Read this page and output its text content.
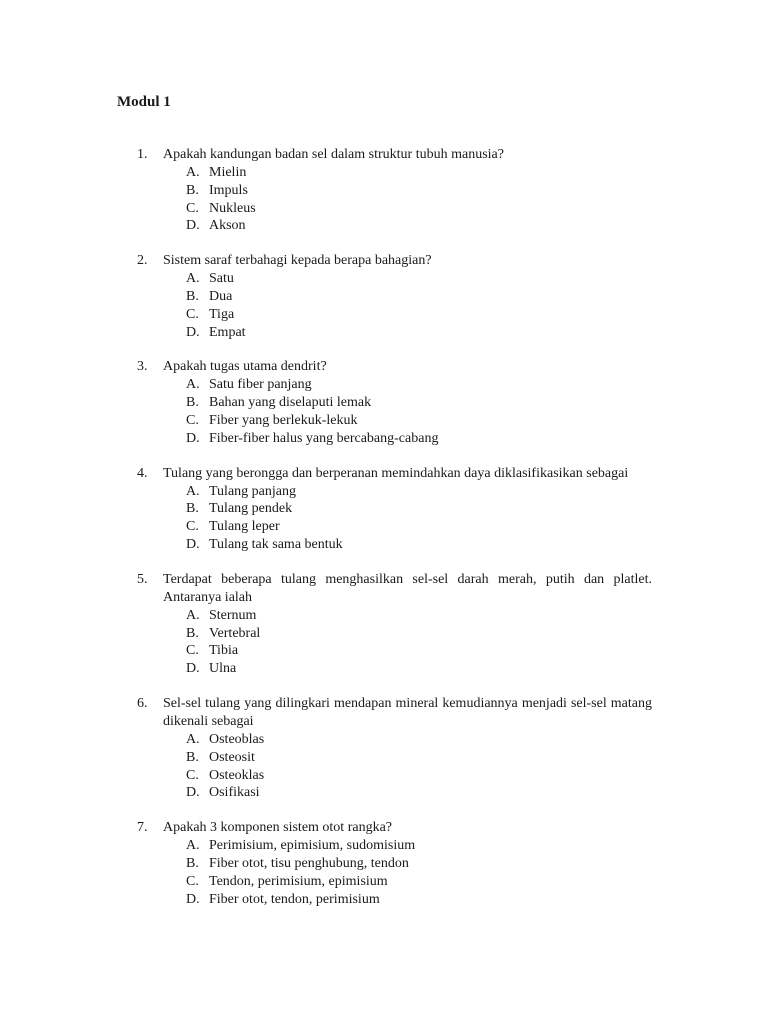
Modul 1
1. Apakah kandungan badan sel dalam struktur tubuh manusia?
A. Mielin
B. Impuls
C. Nukleus
D. Akson
2. Sistem saraf terbahagi kepada berapa bahagian?
A. Satu
B. Dua
C. Tiga
D. Empat
3. Apakah tugas utama dendrit?
A. Satu fiber panjang
B. Bahan yang diselaputi lemak
C. Fiber yang berlekuk-lekuk
D. Fiber-fiber halus yang bercabang-cabang
4. Tulang yang berongga dan berperanan memindahkan daya diklasifikasikan sebagai
A. Tulang panjang
B. Tulang pendek
C. Tulang leper
D. Tulang tak sama bentuk
5. Terdapat beberapa tulang menghasilkan sel-sel darah merah, putih dan platlet. Antaranya ialah
A. Sternum
B. Vertebral
C. Tibia
D. Ulna
6. Sel-sel tulang yang dilingkari mendapan mineral kemudiannya menjadi sel-sel matang dikenali sebagai
A. Osteoblas
B. Osteosit
C. Osteoklas
D. Osifikasi
7. Apakah 3 komponen sistem otot rangka?
A. Perimisium, epimisium, sudomisium
B. Fiber otot, tisu penghubung, tendon
C. Tendon, perimisium, epimisium
D. Fiber otot, tendon, perimisium
